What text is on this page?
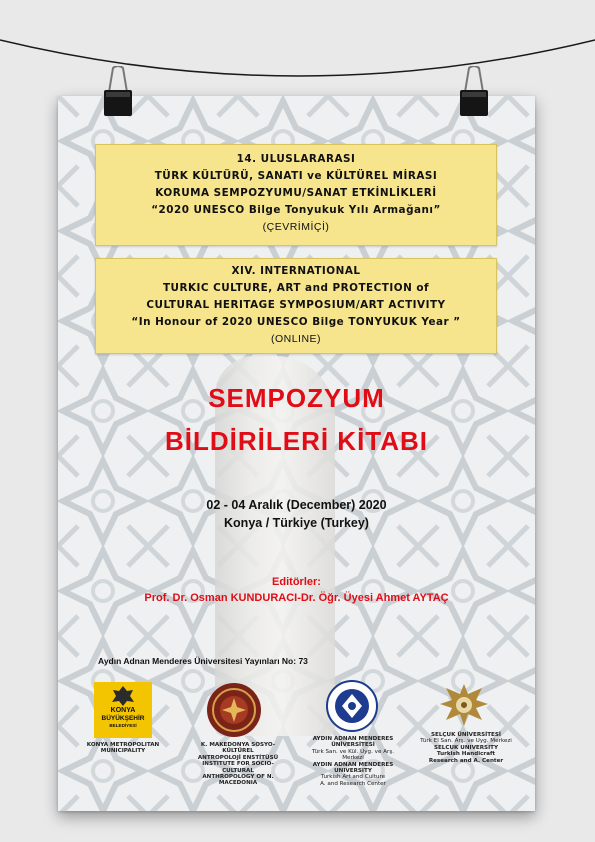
14. ULUSLARARASI
TÜRK KÜLTÜRÜ, SANATI ve KÜLTÜREL MİRASI
KORUMA SEMPOZYUMU/SANAT ETKİNLİKLERİ
“2020 UNESCO Bilge Tonyukuk Yılı Armağanı”
(ÇEVRİMİÇİ)
XIV. INTERNATIONAL
TURKIC CULTURE, ART and PROTECTION of
CULTURAL HERITAGE SYMPOSIUM/ART ACTIVITY
“In Honour of 2020 UNESCO Bilge TONYUKUK Year ”
(ONLINE)
SEMPOZYUM
BİLDİRİLERİ KİTABI
02 - 04 Aralık (December) 2020
Konya / Türkiye (Turkey)
Editörler:
Prof. Dr. Osman KUNDURACI-Dr. Öğr. Üyesi Ahmet AYTAÇ
Aydın Adnan Menderes Üniversitesi Yayınları No: 73
KONYA
BÜYÜKŞEHİR
BELEDİYESİ
KONYA METROPOLITAN
MUNICIPALITY
K. MAKEDONYA SOSYO-KÜLTÜREL
ANTROPOLOJİ ENSTİTÜSÜ
INSTITUTE FOR SOCIO-CULTURAL
ANTHROPOLOGY OF N. MACEDONIA
AYDIN ADNAN MENDERES
ÜNİVERSİTESİ
Türk San. ve Kül. Uyg. ve Arş. Merkezi
AYDIN ADNAN MENDERES
UNIVERSITY
Turkish Art and Culture
A. and Research Center
SELÇUK ÜNİVERSİTESİ
Türk El San. Arş. ve Uyg. Merkezi
SELCUK UNIVERSITY
Turkish Handicraft
Research and A. Center
